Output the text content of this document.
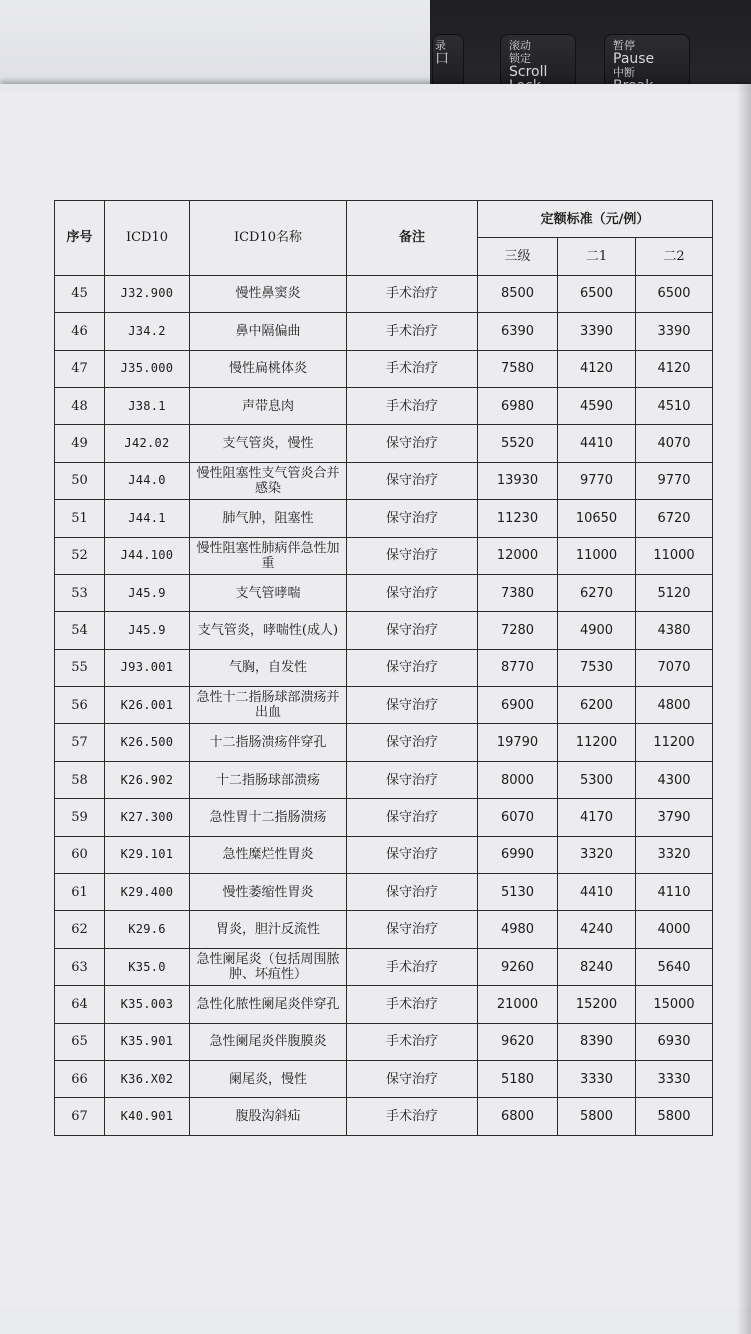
录
口
滚动
锁定
Scroll
暂停
Pause
中断
序号	ICD10	ICD10名称	备注	定额标准（元/例）		
				三级	二1	二2
45	J32.900	慢性鼻窦炎	手术治疗	8500	6500	6500
46	J34.2	鼻中隔偏曲	手术治疗	6390	3390	3390
47	J35.000	慢性扁桃体炎	手术治疗	7580	4120	4120
48	J38.1	声带息肉	手术治疗	6980	4590	4510
49	J42.02	支气管炎，慢性	保守治疗	5520	4410	4070
50	J44.0	慢性阻塞性支气管炎合并感染	保守治疗	13930	9770	9770
51	J44.1	肺气肿，阻塞性	保守治疗	11230	10650	6720
52	J44.100	慢性阻塞性肺病伴急性加重	保守治疗	12000	11000	11000
53	J45.9	支气管哮喘	保守治疗	7380	6270	5120
54	J45.9	支气管炎，哮喘性(成人)	保守治疗	7280	4900	4380
55	J93.001	气胸，自发性	保守治疗	8770	7530	7070
56	K26.001	急性十二指肠球部溃疡并出血	保守治疗	6900	6200	4800
57	K26.500	十二指肠溃疡伴穿孔	保守治疗	19790	11200	11200
58	K26.902	十二指肠球部溃疡	保守治疗	8000	5300	4300
59	K27.300	急性胃十二指肠溃疡	保守治疗	6070	4170	3790
60	K29.101	急性糜烂性胃炎	保守治疗	6990	3320	3320
61	K29.400	慢性萎缩性胃炎	保守治疗	5130	4410	4110
62	K29.6	胃炎，胆汁反流性	保守治疗	4980	4240	4000
63	K35.0	急性阑尾炎（包括周围脓肿、坏疽性）	手术治疗	9260	8240	5640
64	K35.003	急性化脓性阑尾炎伴穿孔	手术治疗	21000	15200	15000
65	K35.901	急性阑尾炎伴腹膜炎	手术治疗	9620	8390	6930
66	K36.X02	阑尾炎，慢性	保守治疗	5180	3330	3330
67	K40.901	腹股沟斜疝	手术治疗	6800	5800	5800
